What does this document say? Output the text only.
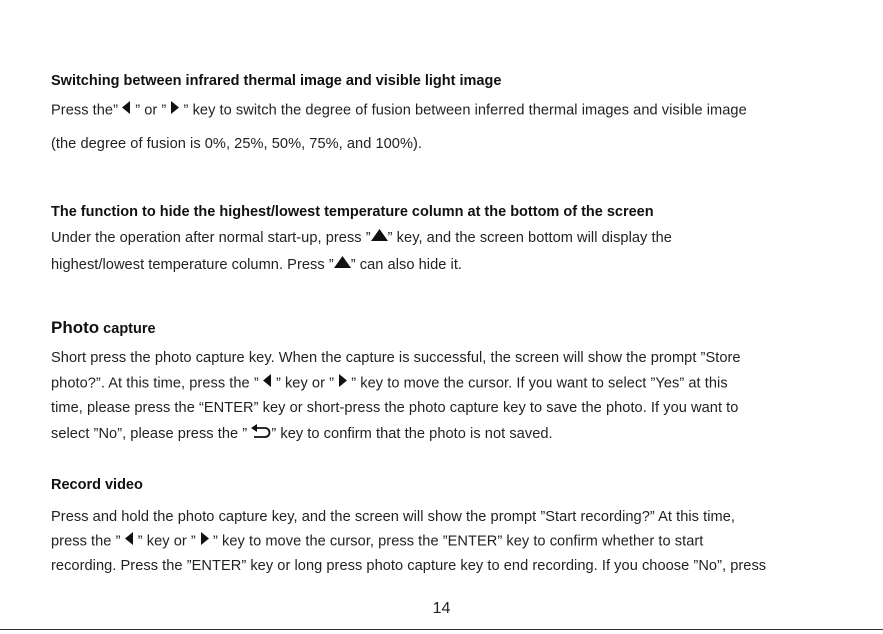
Switching between infrared thermal image and visible light image
Press the”  ” or ”  ” key to switch the degree of fusion between inferred thermal images and visible image
(the degree of fusion is 0%, 25%, 50%, 75%, and 100%).
The function to hide the highest/lowest temperature column at the bottom of the screen
Under the operation after normal start-up, press ” ” key, and the screen bottom will display the
highest/lowest temperature column. Press ” ” can also hide it.
Photo capture
Short press the photo capture key. When the capture is successful, the screen will show the prompt ”Store
photo?”. At this time, press the ”  ” key or ”  ” key to move the cursor. If you want to select ”Yes” at this
time, please press the “ENTER” key or short-press the photo capture key to save the photo. If you want to
select ”No”, please press the ” ” key to confirm that the photo is not saved.
Record video
Press and hold the photo capture key, and the screen will show the prompt ”Start recording?” At this time,
press the ”  ” key or ”  ” key to move the cursor, press the ”ENTER” key to confirm whether to start
recording. Press the ”ENTER” key or long press photo capture key to end recording. If you choose ”No”, press
14
